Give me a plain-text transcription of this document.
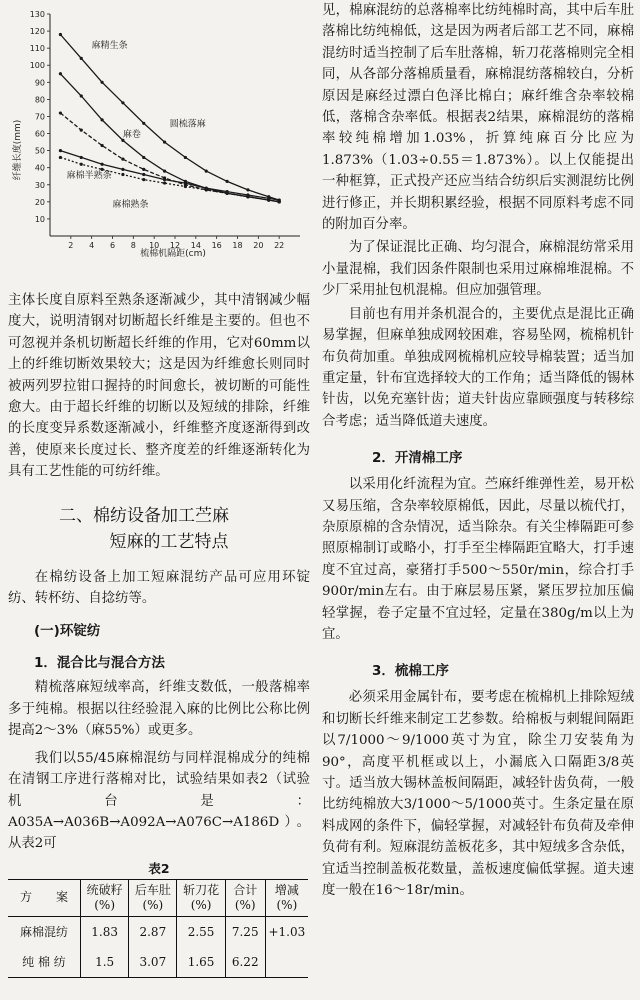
10
20
30
40
50
60
70
80
90
100
110
120
130
2 4 6 8 10 12 14 16 18 20 22
麻精生条
圆梳落麻
麻卷
麻棉半熟条
麻棉熟条
纤维长度(mm)
梳棉机隔距(cm)

主体长度自原料至熟条逐渐减少，其中清钢减少幅度大，说明清钢对切断超长纤维是主要的。但也不可忽视并条机切断超长纤维的作用，它对60mm以上的纤维切断效果较大；这是因为纤维愈长则同时被两列罗拉钳口握持的时间愈长，被切断的可能性愈大。由于超长纤维的切断以及短绒的排除，纤维的长度变异系数逐渐减小，纤维整齐度逐渐得到改善，使原来长度过长、整齐度差的纤维逐渐转化为具有工艺性能的可纺纤维。

二、棉纺设备加工苎麻
短麻的工艺特点

在棉纺设备上加工短麻混纺产品可应用环锭纺、转杯纺、自捻纺等。

(一)环锭纺
1．混合比与混合方法

精梳落麻短绒率高，纤维支数低，一般落棉率多于纯棉。根据以往经验混入麻的比例比公称比例提高2～3%（麻55%）或更多。

我们以55/45麻棉混纺与同样混棉成分的纯棉在清钢工序进行落棉对比，试验结果如表2（试验机台是：A035A→A036B→A092A→A076C→A186D）。从表2可

表2
方　　案	统破籽(%)	后车肚(%)	斩刀花(%)	合计(%)	增减(%)
麻棉混纺	1.83	2.87	2.55	7.25	+1.03
纯 棉 纺	1.5	3.07	1.65	6.22	

见，棉麻混纺的总落棉率比纺纯棉时高，其中后车肚落棉比纺纯棉低，这是因为两者后部工艺不同，麻棉混纺时适当控制了后车肚落棉，斩刀花落棉则完全相同，从各部分落棉质量看，麻棉混纺落棉较白，分析原因是麻经过漂白色泽比棉白；麻纤维含杂率较棉低，落棉含杂率低。根据表2结果，麻棉混纺的落棉率较纯棉增加1.03%，折算纯麻百分比应为1.873%（1.03÷0.55＝1.873%）。以上仅能提出一种框算，正式投产还应当结合纺织后实测混纺比例进行修正，并长期积累经验，根据不同原料考虑不同的附加百分率。

为了保证混比正确、均匀混合，麻棉混纺常采用小量混棉，我们因条件限制也采用过麻棉堆混棉。不少厂采用扯包机混棉。但应加强管理。

目前也有用并条机混合的，主要优点是混比正确易掌握，但麻单独成网较困难，容易坠网，梳棉机针布负荷加重。单独成网梳棉机应较导棉装置；适当加重定量，针布宜选择较大的工作角；适当降低的锡林针齿，以免充塞针齿；道夫针齿应靠顾强度与转移综合考虑；适当降低道夫速度。

2．开清棉工序

以采用化纤流程为宜。苎麻纤维弹性差，易开松又易压缩，含杂率较原棉低，因此，尽量以梳代打，杂原原棉的含杂情况，适当除杂。有关尘棒隔距可参照原棉制订或略小，打手至尘棒隔距宜略大，打手速度不宜过高，豪猪打手500～550r/min，综合打手900r/min左右。由于麻层易压紧，紧压罗拉加压偏轻掌握，卷子定量不宜过轻，定量在380g/m以上为宜。

3．梳棉工序

必须采用金属针布，要考虑在梳棉机上排除短绒和切断长纤维来制定工艺参数。给棉板与刺辊间隔距以7/1000～9/1000英寸为宜，除尘刀安装角为90°，高度平机框或以上，小漏底入口隔距3/8英寸。适当放大锡林盖板间隔距，减轻针齿负荷，一般比纺纯棉放大3/1000～5/1000英寸。生条定量在原料成网的条件下，偏轻掌握，对减轻针布负荷及牵伸负荷有利。短麻混纺盖板花多，其中短绒多含杂低，宜适当控制盖板花数量，盖板速度偏低掌握。道夫速度一般在16～18r/min。
